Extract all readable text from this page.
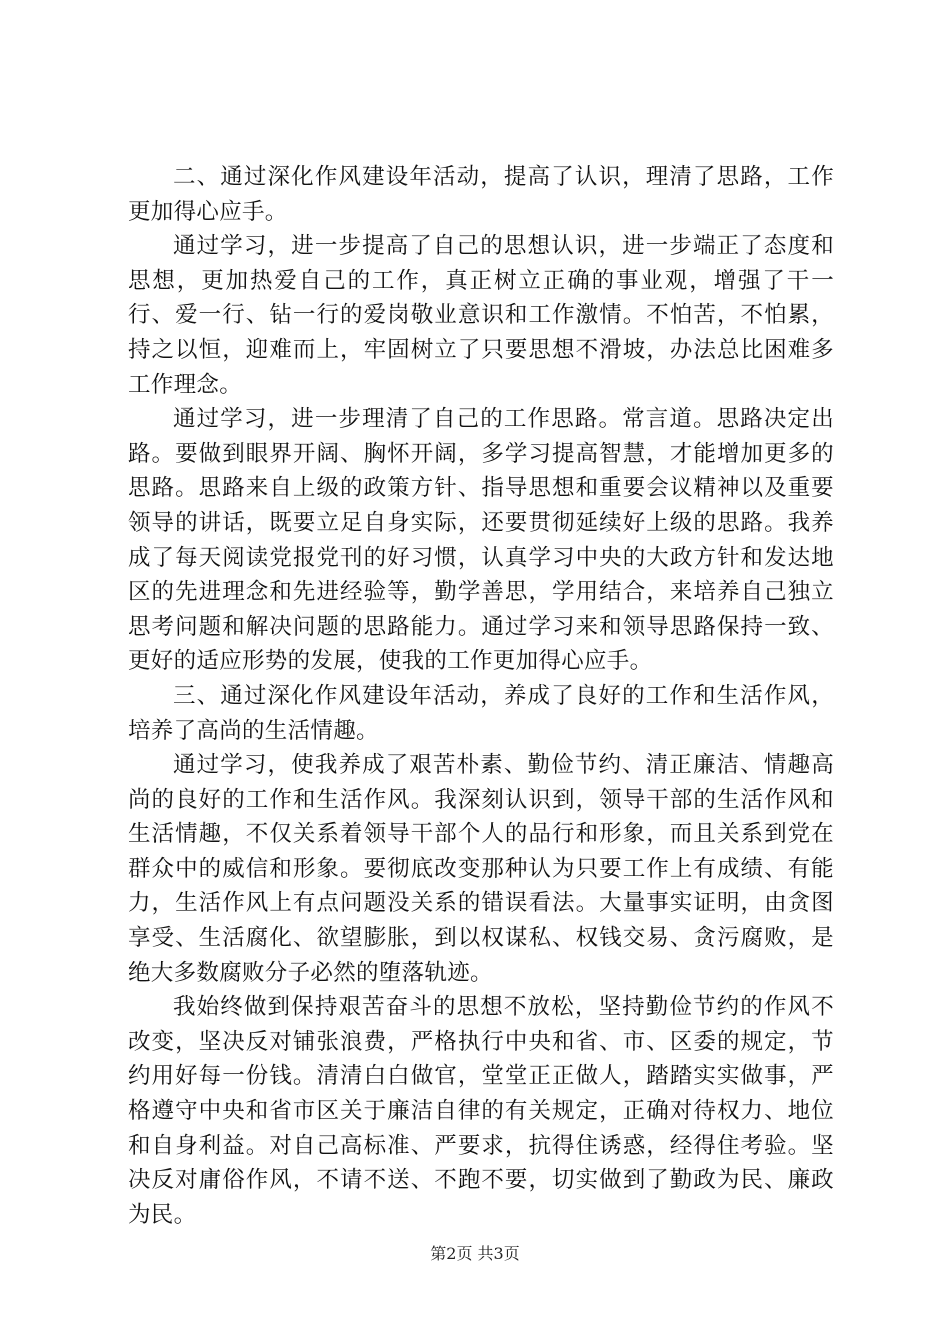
二、通过深化作风建设年活动，提高了认识，理清了思路，工作更加得心应手。

通过学习，进一步提高了自己的思想认识，进一步端正了态度和思想，更加热爱自己的工作，真正树立正确的事业观，增强了干一行、爱一行、钻一行的爱岗敬业意识和工作激情。不怕苦，不怕累，持之以恒，迎难而上，牢固树立了只要思想不滑坡，办法总比困难多工作理念。

通过学习，进一步理清了自己的工作思路。常言道。思路决定出路。要做到眼界开阔、胸怀开阔，多学习提高智慧，才能增加更多的思路。思路来自上级的政策方针、指导思想和重要会议精神以及重要领导的讲话，既要立足自身实际，还要贯彻延续好上级的思路。我养成了每天阅读党报党刊的好习惯，认真学习中央的大政方针和发达地区的先进理念和先进经验等，勤学善思，学用结合，来培养自己独立思考问题和解决问题的思路能力。通过学习来和领导思路保持一致、更好的适应形势的发展，使我的工作更加得心应手。

三、通过深化作风建设年活动，养成了良好的工作和生活作风，培养了高尚的生活情趣。

通过学习，使我养成了艰苦朴素、勤俭节约、清正廉洁、情趣高尚的良好的工作和生活作风。我深刻认识到，领导干部的生活作风和生活情趣，不仅关系着领导干部个人的品行和形象，而且关系到党在群众中的威信和形象。要彻底改变那种认为只要工作上有成绩、有能力，生活作风上有点问题没关系的错误看法。大量事实证明，由贪图享受、生活腐化、欲望膨胀，到以权谋私、权钱交易、贪污腐败，是绝大多数腐败分子必然的堕落轨迹。

我始终做到保持艰苦奋斗的思想不放松，坚持勤俭节约的作风不改变，坚决反对铺张浪费，严格执行中央和省、市、区委的规定，节约用好每一份钱。清清白白做官，堂堂正正做人，踏踏实实做事，严格遵守中央和省市区关于廉洁自律的有关规定，正确对待权力、地位和自身利益。对自己高标准、严要求，抗得住诱惑，经得住考验。坚决反对庸俗作风，不请不送、不跑不要，切实做到了勤政为民、廉政为民。

第2页 共3页
